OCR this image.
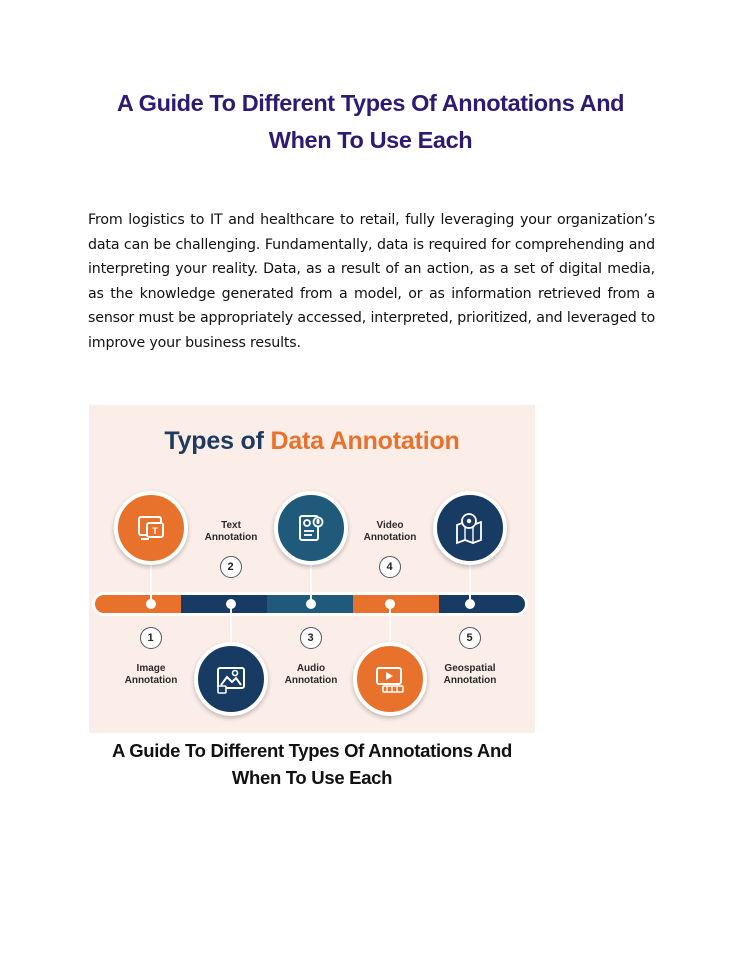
A Guide To Different Types Of Annotations And
When To Use Each

From logistics to IT and healthcare to retail, fully leveraging your organization’s data can be challenging. Fundamentally, data is required for comprehending and interpreting your reality. Data, as a result of an action, as a set of digital media, as the knowledge generated from a model, or as information retrieved from a sensor must be appropriately accessed, interpreted, prioritized, and leveraged to improve your business results.

Types of Data Annotation
T
1
Image
Annotation
Text
Annotation
2
3
Audio
Annotation
Video
Annotation
4
5
Geospatial
Annotation

A Guide To Different Types Of Annotations And
When To Use Each
